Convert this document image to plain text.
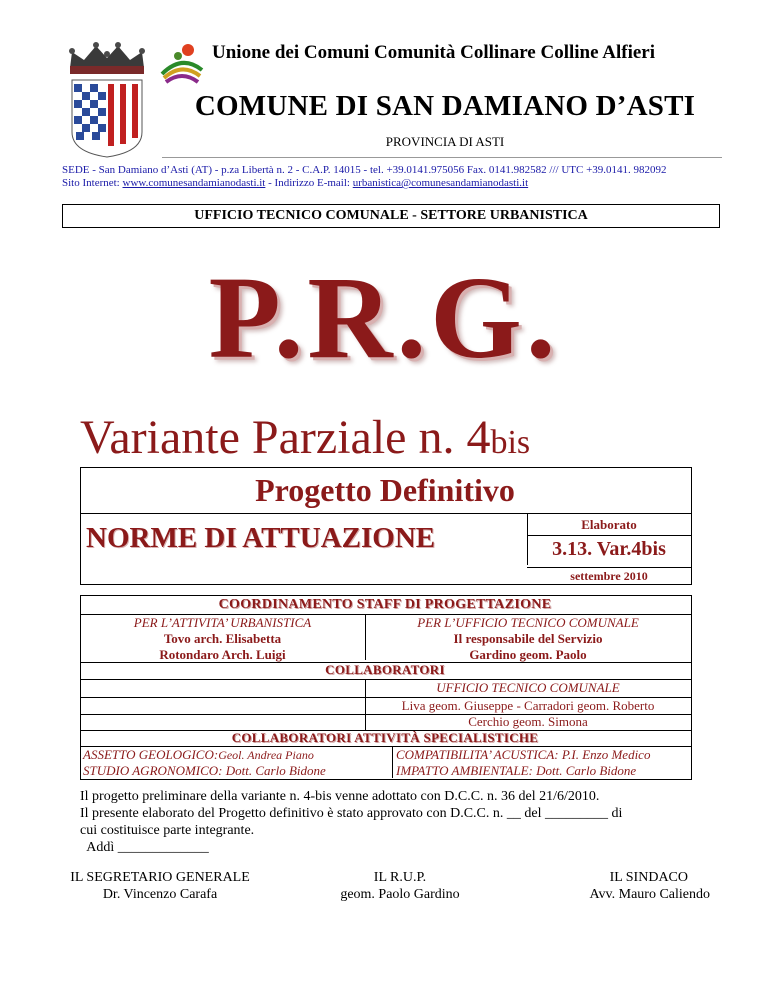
Unione dei Comuni Comunità Collinare Colline Alfieri
COMUNE DI SAN DAMIANO D’ASTI
PROVINCIA DI ASTI
SEDE - San Damiano d’Asti (AT) - p.za Libertà n. 2 - C.A.P. 14015 - tel. +39.0141.975056 Fax. 0141.982582 /// UTC +39.0141. 982092
Sito Internet: www.comunesandamianodasti.it - Indirizzo E-mail: urbanistica@comunesandamianodasti.it
UFFICIO TECNICO COMUNALE - SETTORE URBANISTICA
P.R.G.
Variante Parziale n. 4bis
Progetto Definitivo
NORME DI ATTUAZIONE	Elaborato
3.13. Var.4bis
settembre 2010
COORDINAMENTO STAFF DI PROGETTAZIONE
PER L’ATTIVITA’ URBANISTICA
Tovo arch. Elisabetta
Rotondaro Arch. Luigi
PER L’UFFICIO TECNICO COMUNALE
Il responsabile del Servizio
Gardino geom. Paolo
COLLABORATORI
UFFICIO TECNICO COMUNALE
Liva geom. Giuseppe - Carradori geom. Roberto
Cerchio geom. Simona
COLLABORATORI ATTIVITÀ SPECIALISTICHE
ASSETTO GEOLOGICO:Geol. Andrea Piano
STUDIO AGRONOMICO: Dott. Carlo Bidone
COMPATIBILITA’ ACUSTICA: P.I. Enzo Medico
IMPATTO AMBIENTALE: Dott. Carlo Bidone
Il progetto preliminare della variante n. 4-bis venne adottato con D.C.C. n. 36 del 21/6/2010.
Il presente elaborato del Progetto definitivo è stato approvato con D.C.C. n. __ del _________ di
cui costituisce parte integrante.
Addì _____________
IL SEGRETARIO GENERALE
Dr. Vincenzo Carafa
IL R.U.P.
geom. Paolo Gardino
IL SINDACO
Avv. Mauro Caliendo
